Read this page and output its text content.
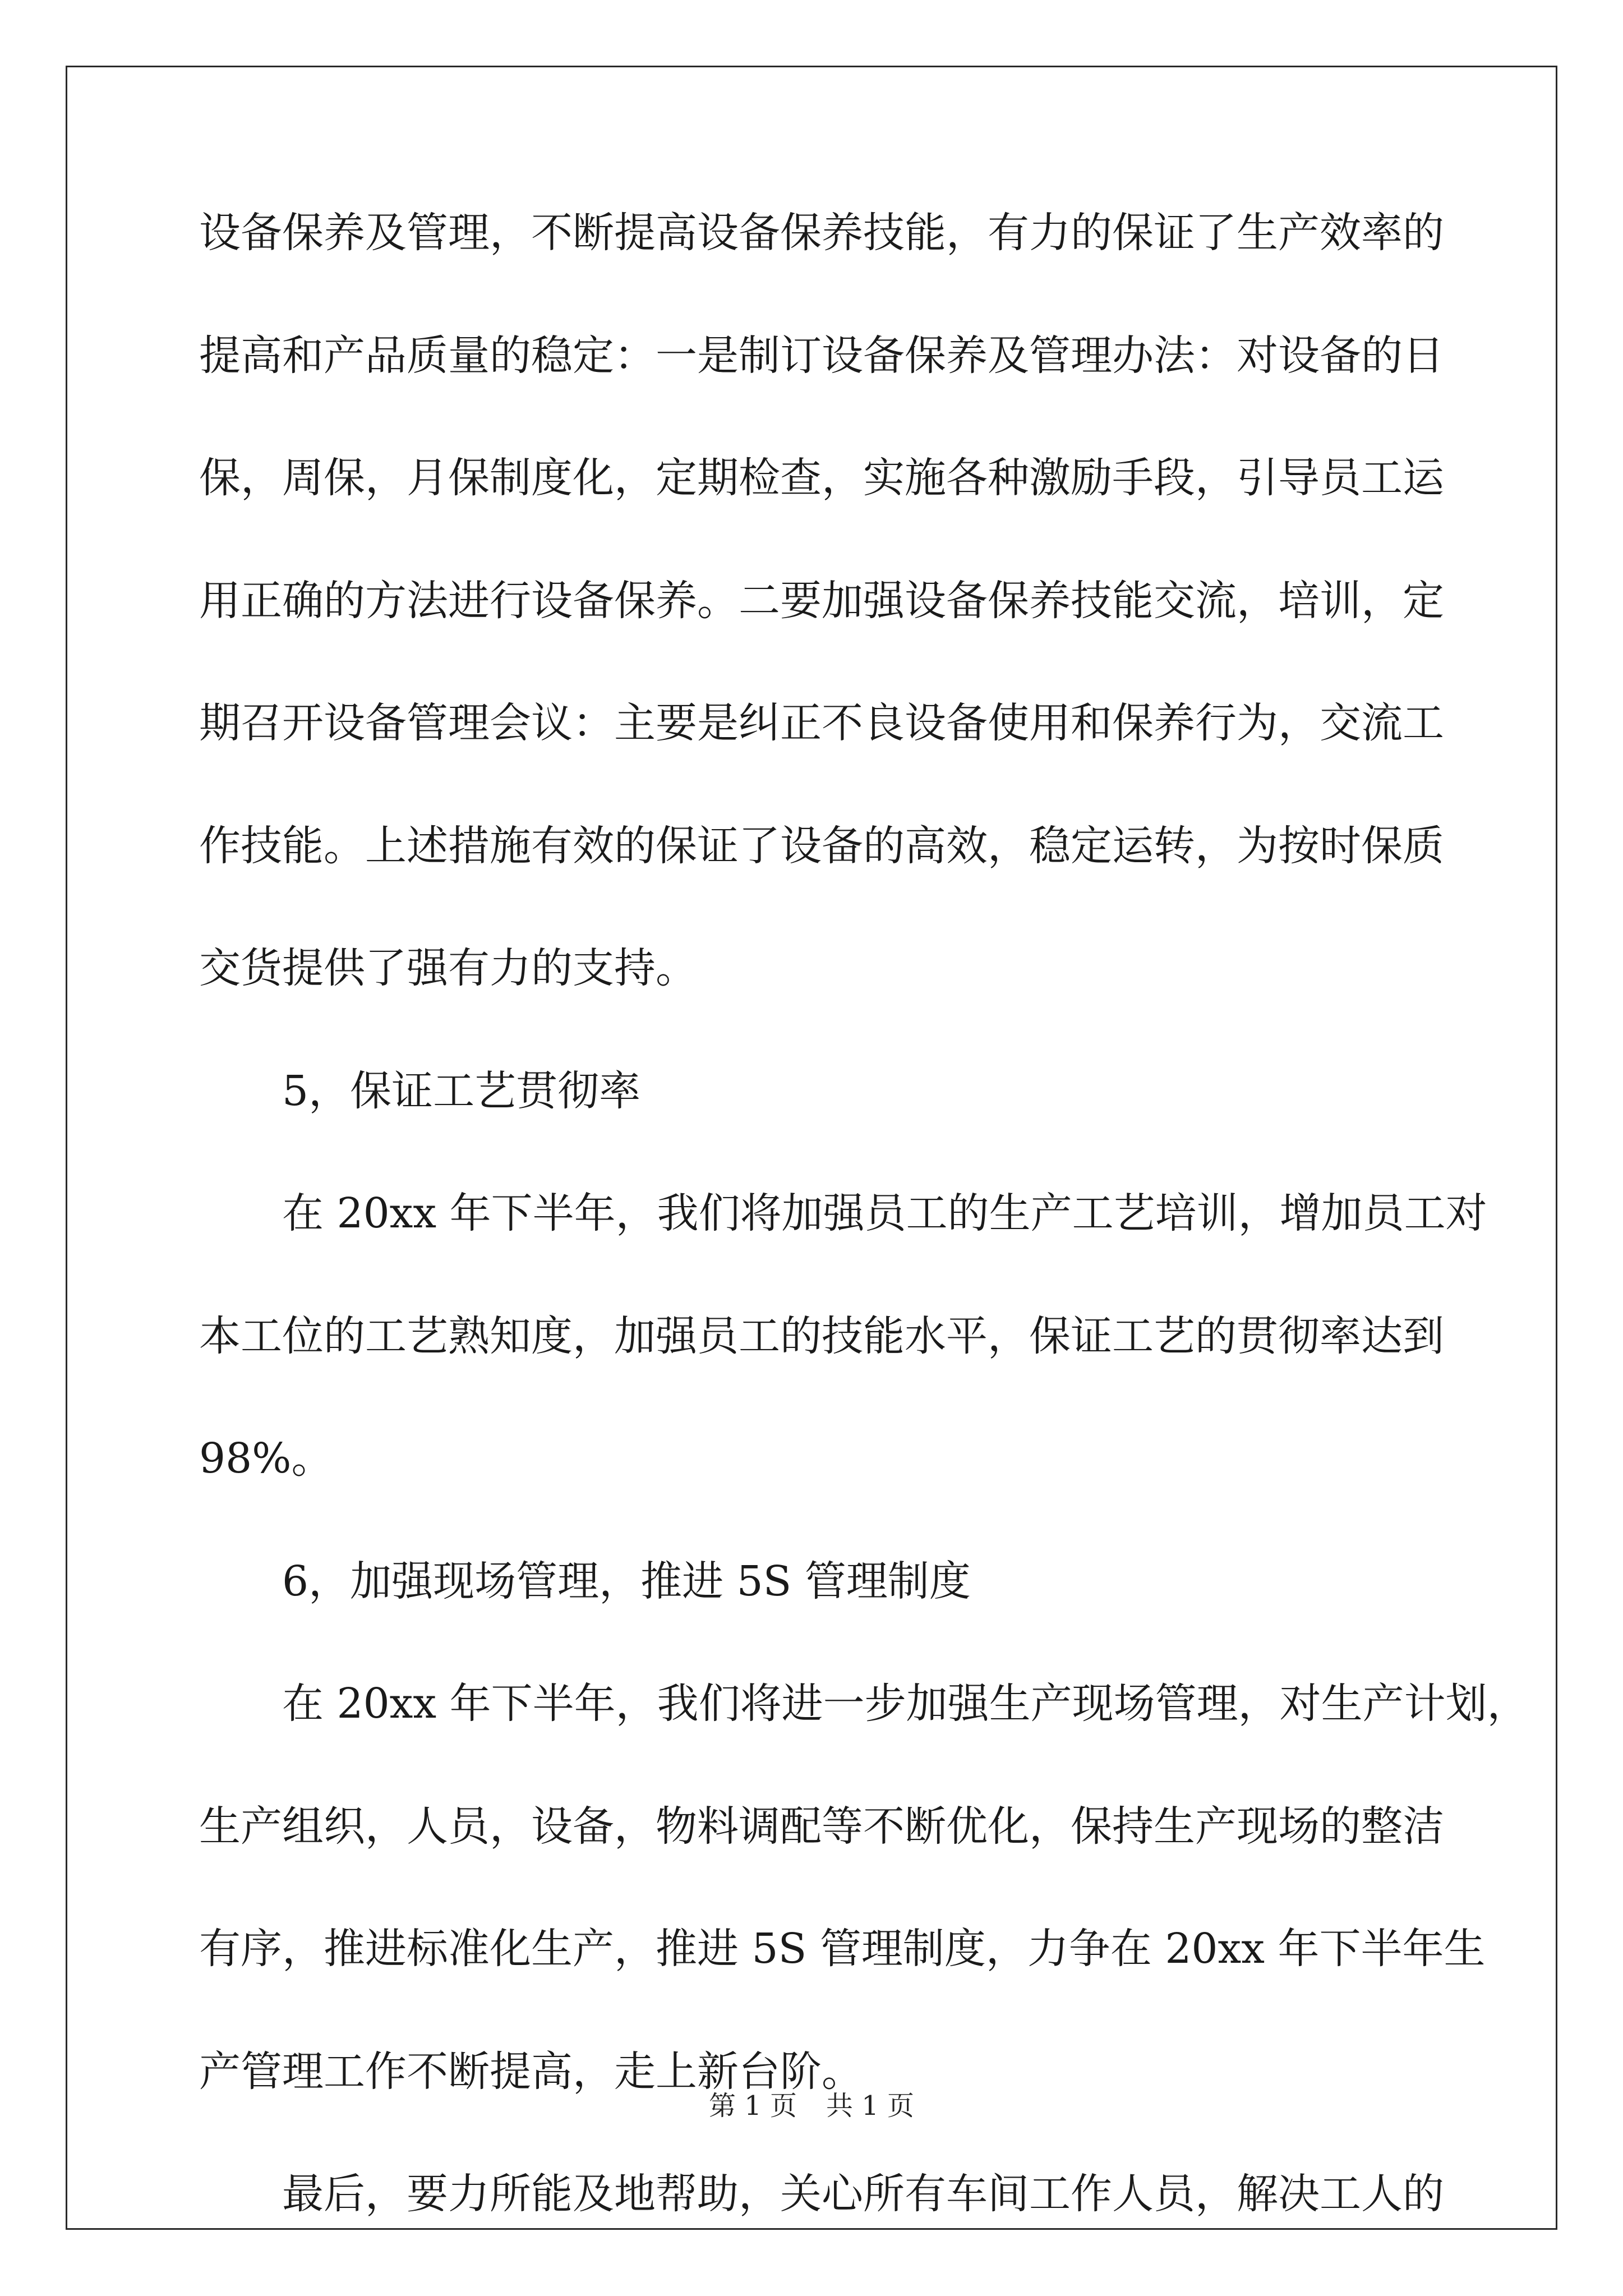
设备保养及管理，不断提高设备保养技能，有力的保证了生产效率的
提高和产品质量的稳定：一是制订设备保养及管理办法：对设备的日
保，周保，月保制度化，定期检查，实施各种激励手段，引导员工运
用正确的方法进行设备保养。二要加强设备保养技能交流，培训，定
期召开设备管理会议：主要是纠正不良设备使用和保养行为，交流工
作技能。上述措施有效的保证了设备的高效，稳定运转，为按时保质
交货提供了强有力的支持。
5，保证工艺贯彻率
在 20xx 年下半年，我们将加强员工的生产工艺培训，增加员工对
本工位的工艺熟知度，加强员工的技能水平，保证工艺的贯彻率达到
98%。
6，加强现场管理，推进 5S 管理制度
在 20xx 年下半年，我们将进一步加强生产现场管理，对生产计划，
生产组织，人员，设备，物料调配等不断优化，保持生产现场的整洁
有序，推进标准化生产，推进 5S 管理制度，力争在 20xx 年下半年生
产管理工作不断提高，走上新台阶。
最后，要力所能及地帮助，关心所有车间工作人员，解决工人的
第 1 页 共 1 页
